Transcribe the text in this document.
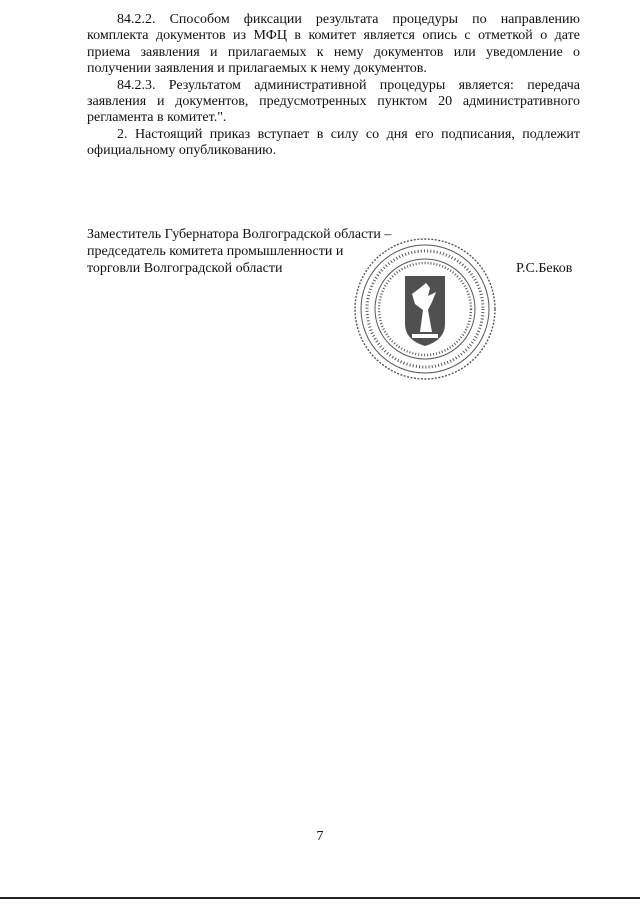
84.2.2. Способом фиксации результата процедуры по направлению комплекта документов из МФЦ в комитет является опись с отметкой о дате приема заявления и прилагаемых к нему документов или уведомление о получении заявления и прилагаемых к нему документов.

84.2.3. Результатом административной процедуры является: передача заявления и документов, предусмотренных пунктом 20 административного регламента в комитет.".

2. Настоящий приказ вступает в силу со дня его подписания, подлежит официальному опубликованию.

Заместитель Губернатора Волгоградской области –
председатель комитета промышленности и
торговли Волгоградской области	Р.С.Беков
7
